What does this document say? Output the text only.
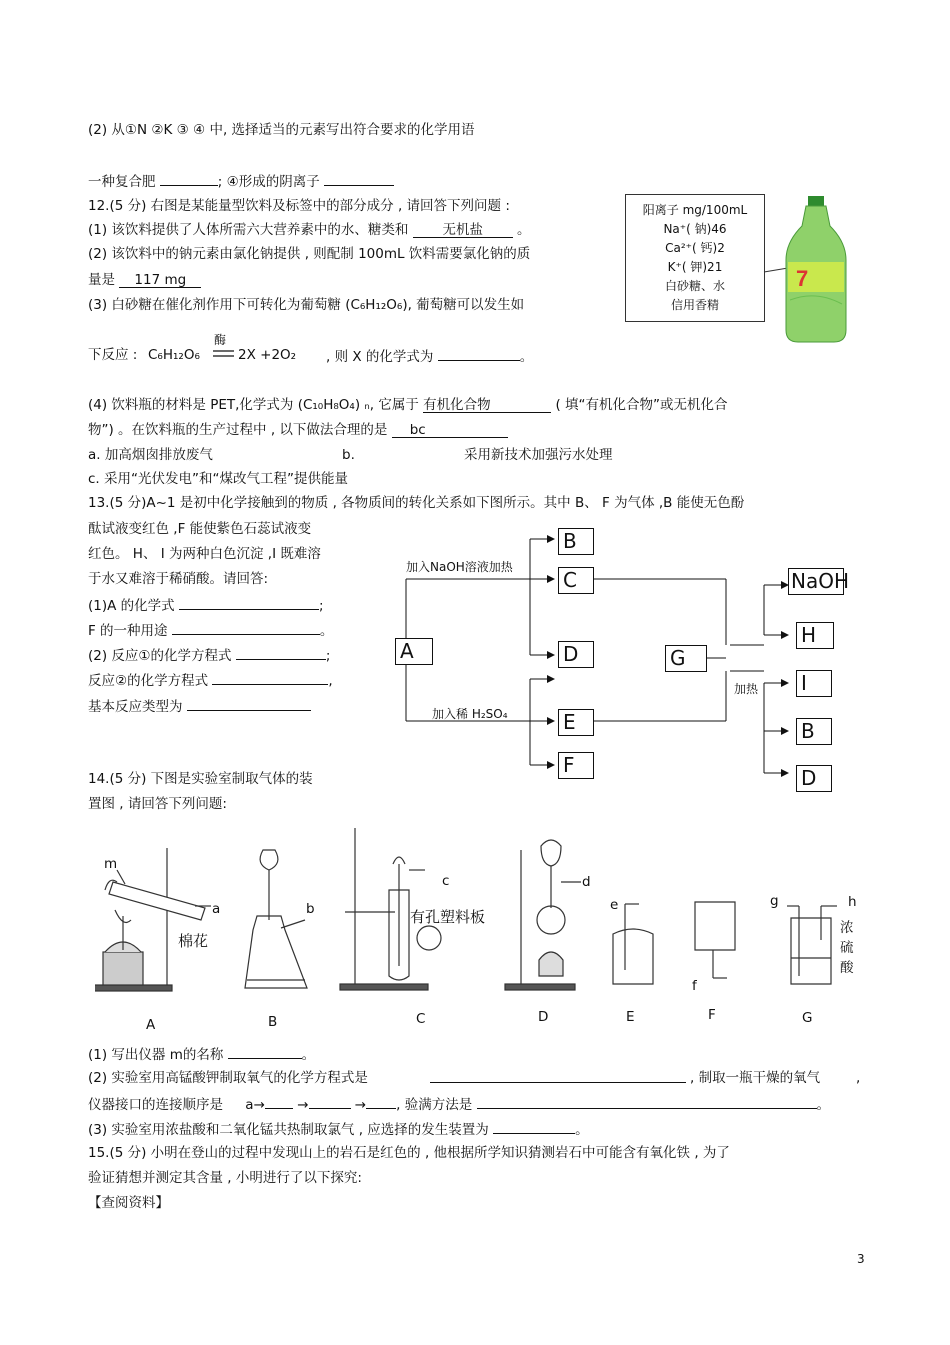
(2) 从①N ②K ③ ④ 中, 选择适当的元素写出符合要求的化学用语
一种复合肥	; ④形成的阴离子
12.(5 分) 右图是某能量型饮料及标签中的部分成分 , 请回答下列问题 :
(1) 该饮料提供了人体所需六大营养素中的水、糖类和	无机盐	。
(2) 该饮料中的钠元素由氯化钠提供 , 则配制 100mL 饮料需要氯化钠的质
量是 117 mg
(3) 白砂糖在催化剂作用下可转化为葡萄糖 (C₆H₁₂O₆), 葡萄糖可以发生如
阳离子 mg/100mL
Na⁺( 钠)46
Ca²⁺( 钙)2
K⁺( 钾)21
白砂糖、水
信用香精
7
下反应 : C₆H₁₂O₆
酶
2X +2O₂ , 则 X 的化学式为	。
(4) 饮料瓶的材料是 PET,化学式为 (C₁₀H₈O₄) ₙ, 它属于 有机化合物	( 填“有机化合物”或无机化合
物”) 。在饮料瓶的生产过程中 , 以下做法合理的是 bc
a. 加高烟囱排放废气	b.	采用新技术加强污水处理
c. 采用“光伏发电”和“煤改气工程”提供能量
13.(5 分)A~1 是初中化学接触到的物质 , 各物质间的转化关系如下图所示。其中 B、 F 为气体 ,B 能使无色酚
酞试液变红色 ,F 能使紫色石蕊试液变
红色。 H、 I 为两种白色沉淀 ,I 既难溶
于水又难溶于稀硝酸。请回答:
(1)A 的化学式	;
F 的一种用途	。
(2) 反应①的化学方程式	;
反应②的化学方程式	,
基本反应类型为
A
B
C
D
E
F
G
NaOH
H
I
B
D
加入NaOH溶液加热
加入稀 H₂SO₄
加热
14.(5 分) 下图是实验室制取气体的装
置图 , 请回答下列问题:
m
a
棉花
b
c
有孔塑料板
d
e
f
g	h
浓
硫
酸
A	B	C	D	E	F	G
(1) 写出仪器 m的名称	。
(2) 实验室用高锰酸钾制取氧气的化学方程式是	, 制取一瓶干燥的氧气	,
仪器接口的连接顺序是 a→ →	→ , 验满方法是	。
(3) 实验室用浓盐酸和二氧化锰共热制取氯气 , 应选择的发生装置为	。
15.(5 分) 小明在登山的过程中发现山上的岩石是红色的 , 他根据所学知识猜测岩石中可能含有氧化铁 , 为了
验证猜想并测定其含量 , 小明进行了以下探究:
【查阅资料】
3
